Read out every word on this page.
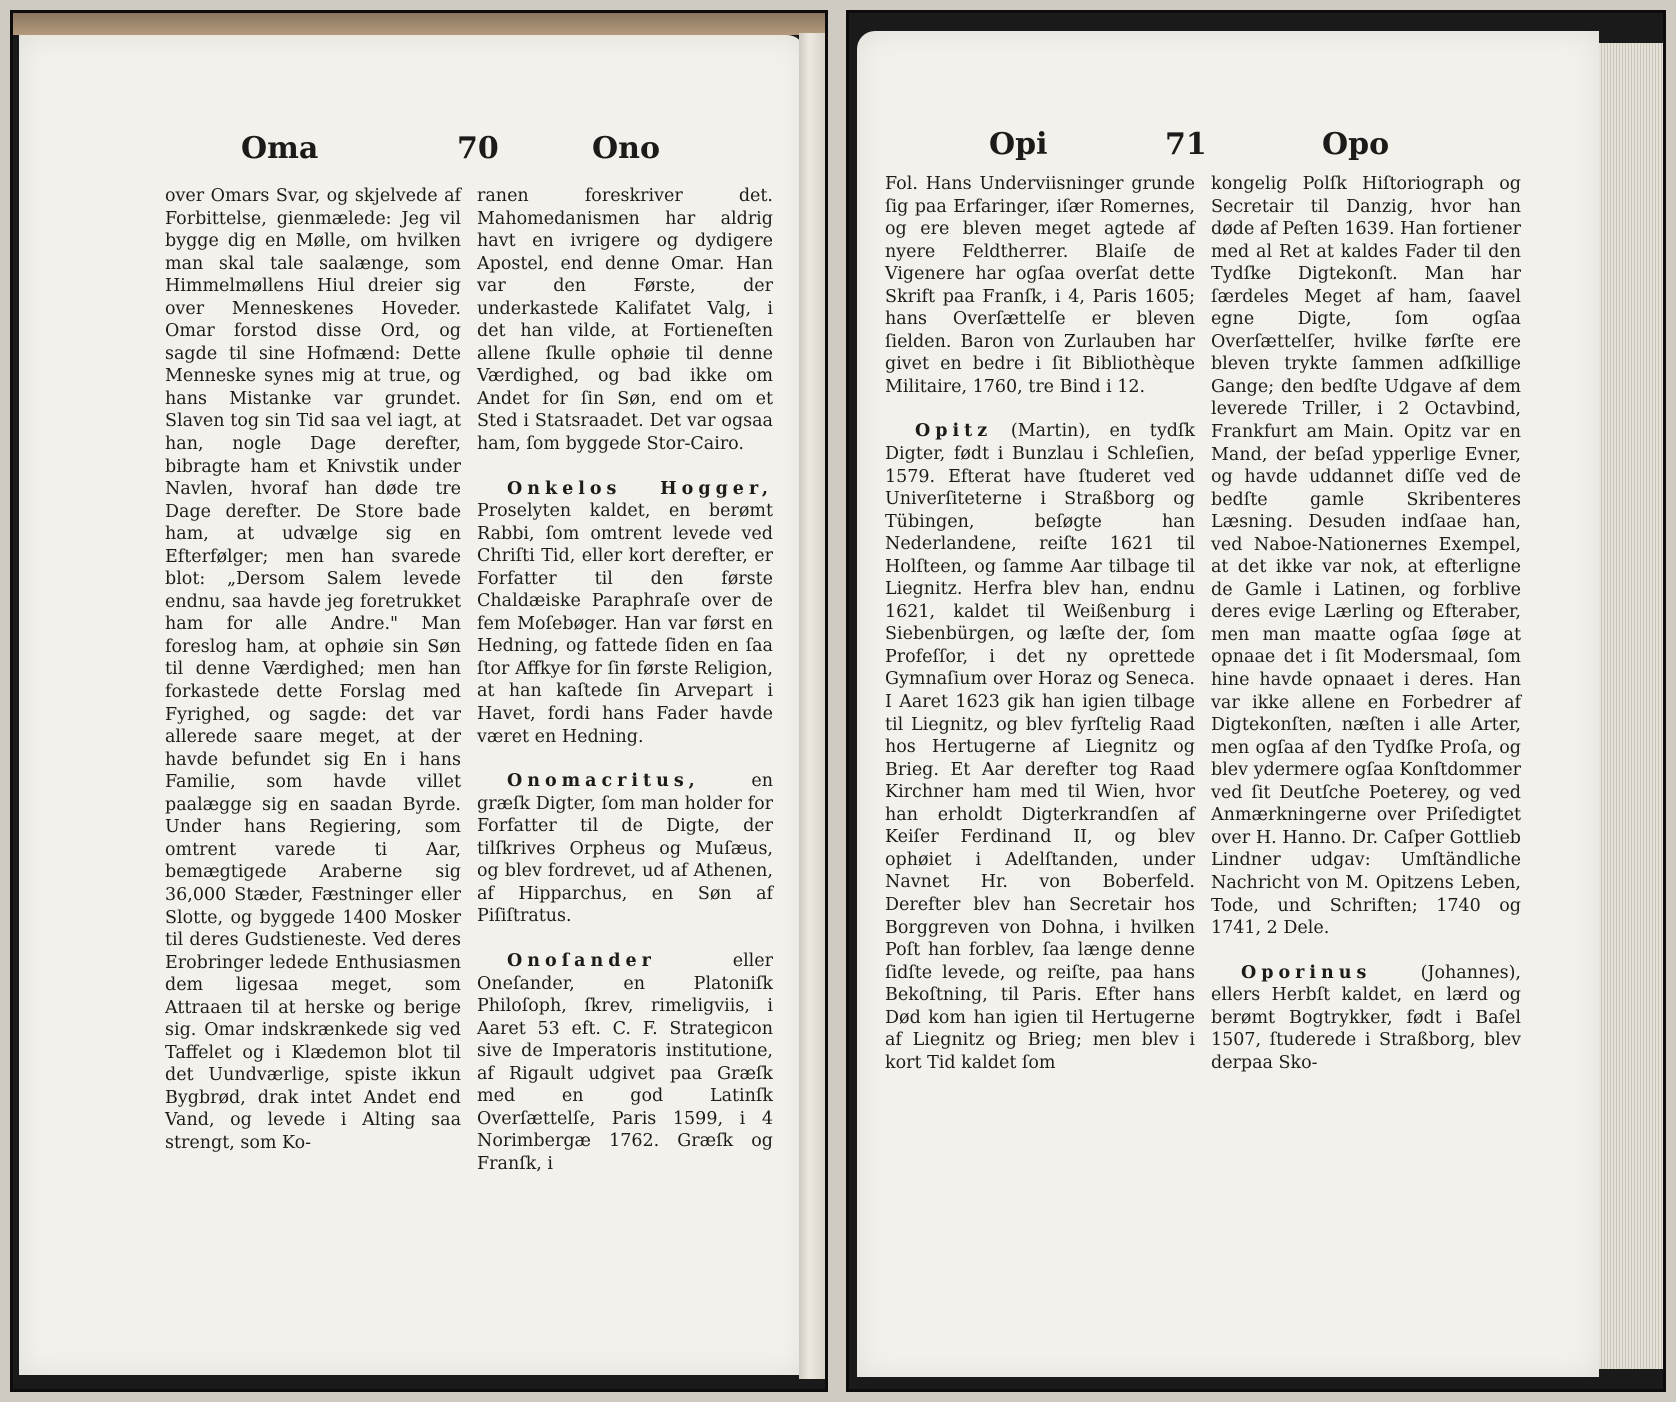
Oma	70	Ono

over Omars Svar, og skjelvede af Forbittelse, gienmælede: Jeg vil bygge dig en Mølle, om hvilken man skal tale saalænge, som Himmelmøllens Hiul dreier sig over Menneskenes Hoveder. Omar forstod disse Ord, og sagde til sine Hofmænd: Dette Menneske synes mig at true, og hans Mistanke var grundet. Slaven tog sin Tid saa vel iagt, at han, nogle Dage derefter, bibragte ham et Knivstik under Navlen, hvoraf han døde tre Dage derefter. De Store bade ham, at udvælge sig en Efterfølger; men han svarede blot: „Dersom Salem levede endnu, saa havde jeg foretrukket ham for alle Andre." Man foreslog ham, at ophøie sin Søn til denne Værdighed; men han forkastede dette Forslag med Fyrighed, og sagde: det var allerede saare meget, at der havde befundet sig En i hans Familie, som havde villet paalægge sig en saadan Byrde. Under hans Regiering, som omtrent varede ti Aar, bemægtigede Araberne sig 36,000 Stæder, Fæstninger eller Slotte, og byggede 1400 Mosker til deres Gudstieneste. Ved deres Erobringer ledede Enthusiasmen dem ligesaa meget, som Attraaen til at herske og berige sig. Omar indskrænkede sig ved Taffelet og i Klædemon blot til det Uundværlige, spiste ikkun Bygbrød, drak intet Andet end Vand, og levede i Alting saa strengt, som Ko-

ranen foreskriver det. Mahomedanismen har aldrig havt en ivrigere og dydigere Apostel, end denne Omar. Han var den Første, der underkastede Kalifatet Valg, i det han vilde, at Fortieneſten allene ſkulle ophøie til denne Værdighed, og bad ikke om Andet for ſin Søn, end om et Sted i Statsraadet. Det var ogsaa ham, ſom byggede Stor-Cairo.

Onkelos Hogger, Proselyten kaldet, en berømt Rabbi, ſom omtrent levede ved Chriſti Tid, eller kort derefter, er Forfatter til den første Chaldæiske Paraphraſe over de fem Moſebøger. Han var først en Hedning, og fattede ſiden en ſaa ſtor Affkye for ſin første Religion, at han kaſtede ſin Arvepart i Havet, fordi hans Fader havde været en Hedning.

Onomacritus, en græſk Digter, ſom man holder for Forfatter til de Digte, der tilſkrives Orpheus og Muſæus, og blev fordrevet, ud af Athenen, af Hipparchus, en Søn af Piſiſtratus.

Onoſander eller Oneſander, en Platoniſk Philoſoph, ſkrev, rimeligviis, i Aaret 53 eft. C. F. Strategicon sive de Imperatoris institutione, af Rigault udgivet paa Græſk med en god Latinſk Overſættelſe, Paris 1599, i 4 Norimbergæ 1762. Græſk og Franſk, i

Opi	71	Opo

Fol. Hans Underviisninger grunde ſig paa Erfaringer, iſær Romernes, og ere bleven meget agtede af nyere Feldtherrer. Blaiſe de Vigenere har ogſaa overſat dette Skrift paa Franſk, i 4, Paris 1605; hans Overſættelſe er bleven ſielden. Baron von Zurlauben har givet en bedre i ſit Bibliothèque Militaire, 1760, tre Bind i 12.

Opitz (Martin), en tydſk Digter, født i Bunzlau i Schleſien, 1579. Efterat have ſtuderet ved Univerſiteterne i Straßborg og Tübingen, beſøgte han Nederlandene, reiſte 1621 til Holſteen, og ſamme Aar tilbage til Liegnitz. Herfra blev han, endnu 1621, kaldet til Weißenburg i Siebenbürgen, og læſte der, ſom Profeſſor, i det ny oprettede Gymnaſium over Horaz og Seneca. I Aaret 1623 gik han igien tilbage til Liegnitz, og blev fyrſtelig Raad hos Hertugerne af Liegnitz og Brieg. Et Aar derefter tog Raad Kirchner ham med til Wien, hvor han erholdt Digterkrandſen af Keiſer Ferdinand II, og blev ophøiet i Adelſtanden, under Navnet Hr. von Boberfeld. Derefter blev han Secretair hos Borggreven von Dohna, i hvilken Poſt han forblev, ſaa længe denne ſidſte levede, og reiſte, paa hans Bekoſtning, til Paris. Efter hans Død kom han igien til Hertugerne af Liegnitz og Brieg; men blev i kort Tid kaldet ſom

kongelig Polſk Hiſtoriograph og Secretair til Danzig, hvor han døde af Peſten 1639. Han fortiener med al Ret at kaldes Fader til den Tydſke Digtekonſt. Man har ſærdeles Meget af ham, ſaavel egne Digte, ſom ogſaa Overſættelſer, hvilke førſte ere bleven trykte ſammen adſkillige Gange; den bedſte Udgave af dem leverede Triller, i 2 Octavbind, Frankfurt am Main. Opitz var en Mand, der beſad ypperlige Evner, og havde uddannet diſſe ved de bedſte gamle Skribenteres Læsning. Desuden indſaae han, ved Naboe-Nationernes Exempel, at det ikke var nok, at efterligne de Gamle i Latinen, og forblive deres evige Lærling og Efteraber, men man maatte ogſaa ſøge at opnaae det i ſit Modersmaal, ſom hine havde opnaaet i deres. Han var ikke allene en Forbedrer af Digtekonſten, næſten i alle Arter, men ogſaa af den Tydſke Proſa, og blev ydermere ogſaa Konſtdommer ved ſit Deutſche Poeterey, og ved Anmærkningerne over Priſedigtet over H. Hanno. Dr. Caſper Gottlieb Lindner udgav: Umſtändliche Nachricht von M. Opitzens Leben, Tode, und Schriften; 1740 og 1741, 2 Dele.

Oporinus (Johannes), ellers Herbſt kaldet, en lærd og berømt Bogtrykker, født i Baſel 1507, ſtuderede i Straßborg, blev derpaa Sko-
